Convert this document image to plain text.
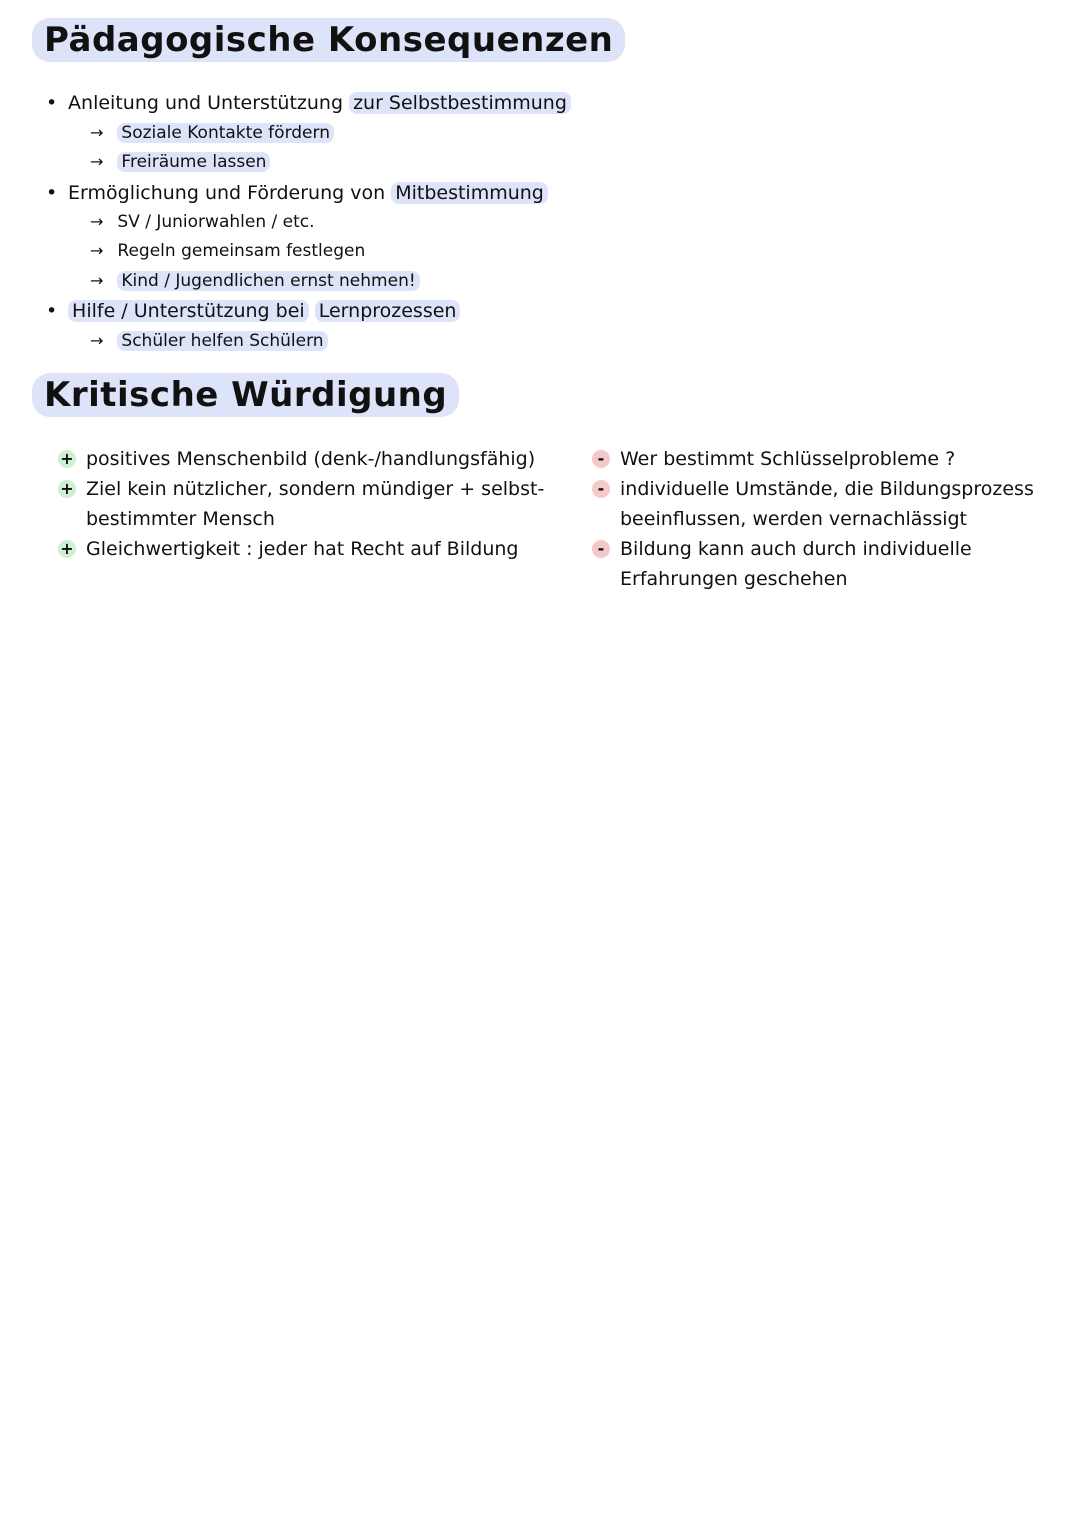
Pädagogische Konsequenzen
• Anleitung und Unterstützung zur Selbstbestimmung
→ Soziale Kontakte fördern
→ Freiräume lassen
• Ermöglichung und Förderung von Mitbestimmung
→ SV / Juniorwahlen / etc.
→ Regeln gemeinsam festlegen
→ Kind / Jugendlichen ernst nehmen!
• Hilfe / Unterstützung bei Lernprozessen
→ Schüler helfen Schülern
Kritische Würdigung
+ positives Menschenbild (denk-/handlungsfähig)
+ Ziel kein nützlicher, sondern mündiger + selbst-bestimmter Mensch
+ Gleichwertigkeit : jeder hat Recht auf Bildung
- Wer bestimmt Schlüsselprobleme ?
- individuelle Umstände, die Bildungsprozess beeinflussen, werden vernachlässigt
- Bildung kann auch durch individuelle Erfahrungen geschehen
